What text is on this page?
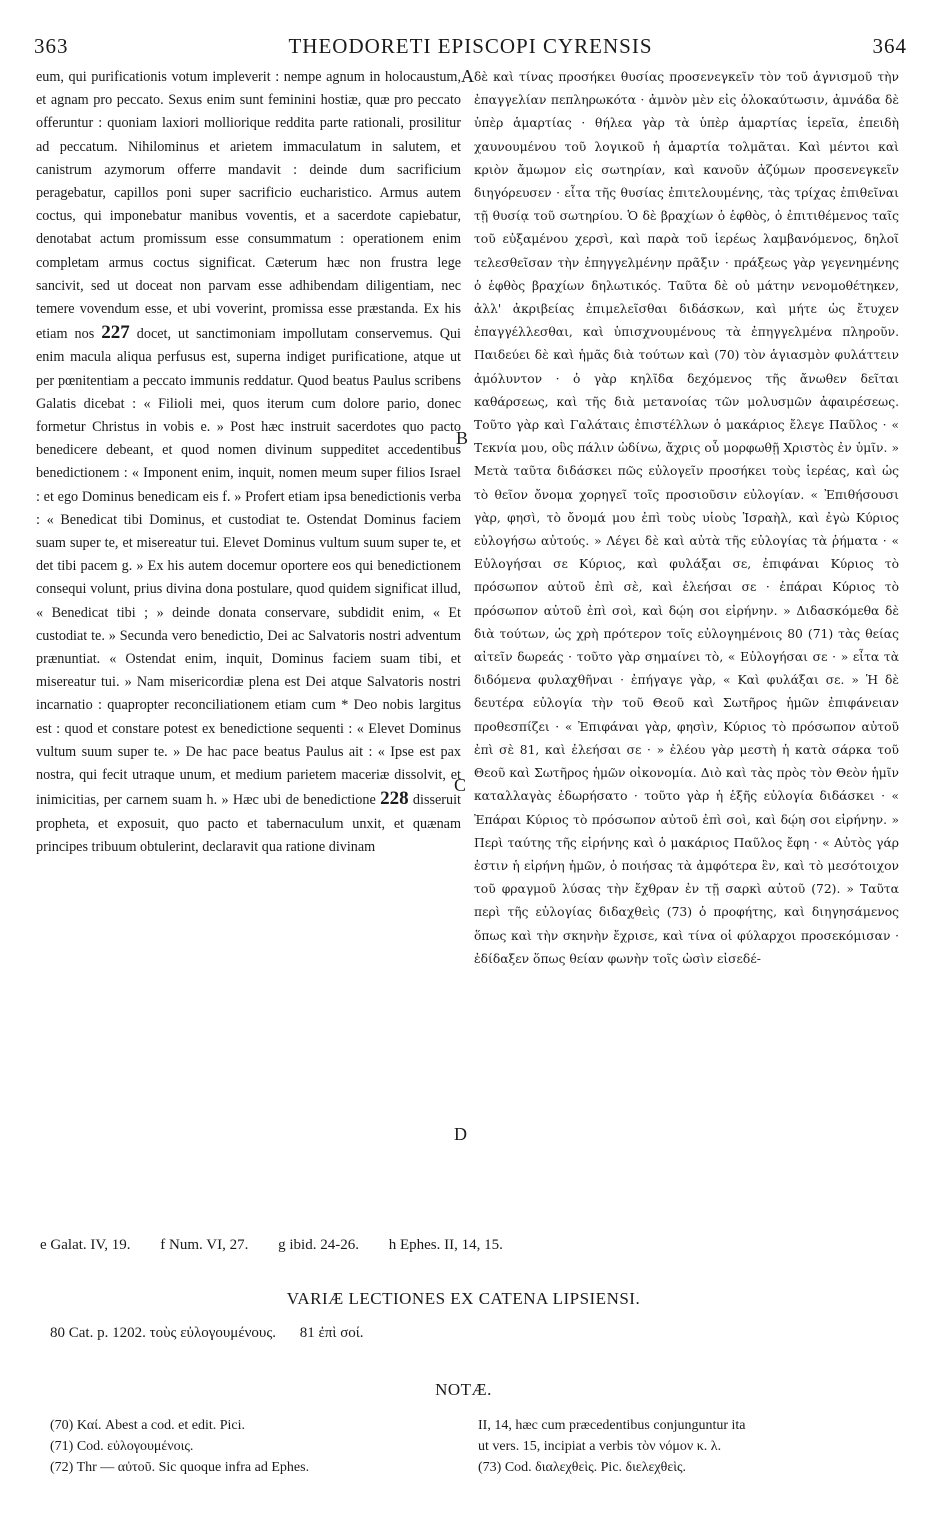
363	THEODORETI EPISCOPI CYRENSIS	364

eum, qui purificationis votum impleverit : nempe agnum in holocaustum, et agnam pro peccato. Sexus enim sunt feminini hostiæ, quæ pro peccato offeruntur : quoniam laxiori molliorique reddita parte rationali, prosilitur ad peccatum. Nihilominus et arietem immaculatum in salutem, et canistrum azymorum offerre mandavit : deinde dum sacrificium peragebatur, capillos poni super sacrificio eucharistico. Armus autem coctus, qui imponebatur manibus voventis, et a sacerdote capiebatur, denotabat actum promissum esse consummatum : operationem enim completam armus coctus significat. Cæterum hæc non frustra lege sancivit, sed ut doceat non parvam esse adhibendam diligentiam, nec temere vovendum esse, et ubi voverint, promissa esse præstanda. Ex his etiam nos 227 docet, ut sanctimoniam impollutam conservemus. Qui enim macula aliqua perfusus est, superna indiget purificatione, atque ut per pœnitentiam a peccato immunis reddatur. Quod beatus Paulus scribens Galatis dicebat : « Filioli mei, quos iterum cum dolore pario, donec formetur Christus in vobis e. » Post hæc instruit sacerdotes quo pacto benedicere debeant, et quod nomen divinum suppeditet accedentibus benedictionem : « Imponent enim, inquit, nomen meum super filios Israel : et ego Dominus benedicam eis f. » Profert etiam ipsa benedictionis verba : « Benedicat tibi Dominus, et custodiat te. Ostendat Dominus faciem suam super te, et misereatur tui. Elevet Dominus vultum suum super te, et det tibi pacem g. » Ex his autem docemur oportere eos qui benedictionem consequi volunt, prius divina dona postulare, quod quidem significat illud, « Benedicat tibi ; » deinde donata conservare, subdidit enim, « Et custodiat te. » Secunda vero benedictio, Dei ac Salvatoris nostri adventum prænuntiat. « Ostendat enim, inquit, Dominus faciem suam tibi, et misereatur tui. » Nam misericordiæ plena est Dei atque Salvatoris nostri incarnatio : quapropter reconciliationem etiam cum * Deo nobis largitus est : quod et constare potest ex benedictione sequenti : « Elevet Dominus vultum suum super te. » De hac pace beatus Paulus ait : « Ipse est pax nostra, qui fecit utraque unum, et medium parietem maceriæ dissolvit, et inimicitias, per carnem suam h. » Hæc ubi de benedictione 228 disseruit propheta, et exposuit, quo pacto et tabernaculum unxit, et quænam principes tribuum obtulerint, declaravit qua ratione divinam

A
B
C
D

δὲ καὶ τίνας προσήκει θυσίας προσενεγκεῖν τὸν τοῦ ἁγνισμοῦ τὴν ἐπαγγελίαν πεπληρωκότα · ἀμνὸν μὲν εἰς ὁλοκαύτωσιν, ἀμνάδα δὲ ὑπὲρ ἁμαρτίας · θήλεα γὰρ τὰ ὑπὲρ ἁμαρτίας ἱερεῖα, ἐπειδὴ χαυνουμένου τοῦ λογικοῦ ἡ ἁμαρτία τολμᾶται. Καὶ μέντοι καὶ κριὸν ἄμωμον εἰς σωτηρίαν, καὶ κανοῦν ἀζύμων προσενεγκεῖν διηγόρευσεν · εἶτα τῆς θυσίας ἐπιτελουμένης, τὰς τρίχας ἐπιθεῖναι τῇ θυσίᾳ τοῦ σωτηρίου. Ὁ δὲ βραχίων ὁ ἑφθὸς, ὁ ἐπιτιθέμενος ταῖς τοῦ εὐξαμένου χερσὶ, καὶ παρὰ τοῦ ἱερέως λαμβανόμενος, δηλοῖ τελεσθεῖσαν τὴν ἐπηγγελμένην πρᾶξιν · πράξεως γὰρ γεγενημένης ὁ ἑφθὸς βραχίων δηλωτικός. Ταῦτα δὲ οὐ μάτην νενομοθέτηκεν, ἀλλ' ἀκριβείας ἐπιμελεῖσθαι διδάσκων, καὶ μήτε ὡς ἔτυχεν ἐπαγγέλλεσθαι, καὶ ὑπισχνουμένους τὰ ἐπηγγελμένα πληροῦν. Παιδεύει δὲ καὶ ἡμᾶς διὰ τούτων καὶ (70) τὸν ἁγιασμὸν φυλάττειν ἀμόλυντον · ὁ γὰρ κηλῖδα δεχόμενος τῆς ἄνωθεν δεῖται καθάρσεως, καὶ τῆς διὰ μετανοίας τῶν μολυσμῶν ἀφαιρέσεως. Τοῦτο γὰρ καὶ Γαλάταις ἐπιστέλλων ὁ μακάριος ἔλεγε Παῦλος · « Τεκνία μου, οὓς πάλιν ὠδίνω, ἄχρις οὗ μορφωθῇ Χριστὸς ἐν ὑμῖν. » Μετὰ ταῦτα διδάσκει πῶς εὐλογεῖν προσήκει τοὺς ἱερέας, καὶ ὡς τὸ θεῖον ὄνομα χορηγεῖ τοῖς προσιοῦσιν εὐλογίαν. « Ἐπιθήσουσι γὰρ, φησὶ, τὸ ὄνομά μου ἐπὶ τοὺς υἱοὺς Ἰσραὴλ, καὶ ἐγὼ Κύριος εὐλογήσω αὐτούς. » Λέγει δὲ καὶ αὐτὰ τῆς εὐλογίας τὰ ῥήματα · « Εὐλογήσαι σε Κύριος, καὶ φυλάξαι σε, ἐπιφάναι Κύριος τὸ πρόσωπον αὐτοῦ ἐπὶ σὲ, καὶ ἐλεήσαι σε · ἐπάραι Κύριος τὸ πρόσωπον αὐτοῦ ἐπὶ σοὶ, καὶ δῴη σοι εἰρήνην. » Διδασκόμεθα δὲ διὰ τούτων, ὡς χρὴ πρότερον τοῖς εὐλογημένοις 80 (71) τὰς θείας αἰτεῖν δωρεάς · τοῦτο γὰρ σημαίνει τὸ, « Εὐλογήσαι σε · » εἶτα τὰ διδόμενα φυλαχθῆναι · ἐπήγαγε γὰρ, « Καὶ φυλάξαι σε. » Ἡ δὲ δευτέρα εὐλογία τὴν τοῦ Θεοῦ καὶ Σωτῆρος ἡμῶν ἐπιφάνειαν προθεσπίζει · « Ἐπιφάναι γὰρ, φησὶν, Κύριος τὸ πρόσωπον αὐτοῦ ἐπὶ σὲ 81, καὶ ἐλεήσαι σε · » ἐλέου γὰρ μεστὴ ἡ κατὰ σάρκα τοῦ Θεοῦ καὶ Σωτῆρος ἡμῶν οἰκονομία. Διὸ καὶ τὰς πρὸς τὸν Θεὸν ἡμῖν καταλλαγὰς ἐδωρήσατο · τοῦτο γὰρ ἡ ἑξῆς εὐλογία διδάσκει · « Ἐπάραι Κύριος τὸ πρόσωπον αὐτοῦ ἐπὶ σοὶ, καὶ δῴη σοι εἰρήνην. » Περὶ ταύτης τῆς εἰρήνης καὶ ὁ μακάριος Παῦλος ἔφη · « Αὐτὸς γάρ ἐστιν ἡ εἰρήνη ἡμῶν, ὁ ποιήσας τὰ ἀμφότερα ἓν, καὶ τὸ μεσότοιχον τοῦ φραγμοῦ λύσας τὴν ἔχθραν ἐν τῇ σαρκὶ αὐτοῦ (72). » Ταῦτα περὶ τῆς εὐλογίας διδαχθεὶς (73) ὁ προφήτης, καὶ διηγησάμενος ὅπως καὶ τὴν σκηνὴν ἔχρισε, καὶ τίνα οἱ φύλαρχοι προσεκόμισαν · ἐδίδαξεν ὅπως θείαν φωνὴν τοῖς ὠσὶν εἰσεδέ-

e Galat. IV, 19. f Num. VI, 27. g ibid. 24-26. h Ephes. II, 14, 15.
VARIÆ LECTIONES EX CATENA LIPSIENSI.
80 Cat. p. 1202. τοὺς εὐλογουμένους. 81 ἐπὶ σοί.
NOTÆ.
(70) Kαί. Abest a cod. et edit. Pici.
(71) Cod. εὐλογουμένοις.
(72) Thr — αὐτοῦ. Sic quoque infra ad Ephes.
II, 14, hæc cum præcedentibus conjunguntur ita
ut vers. 15, incipiat a verbis τὸν νόμον κ. λ.
(73) Cod. διαλεχθεὶς. Pic. διελεχθεὶς.
